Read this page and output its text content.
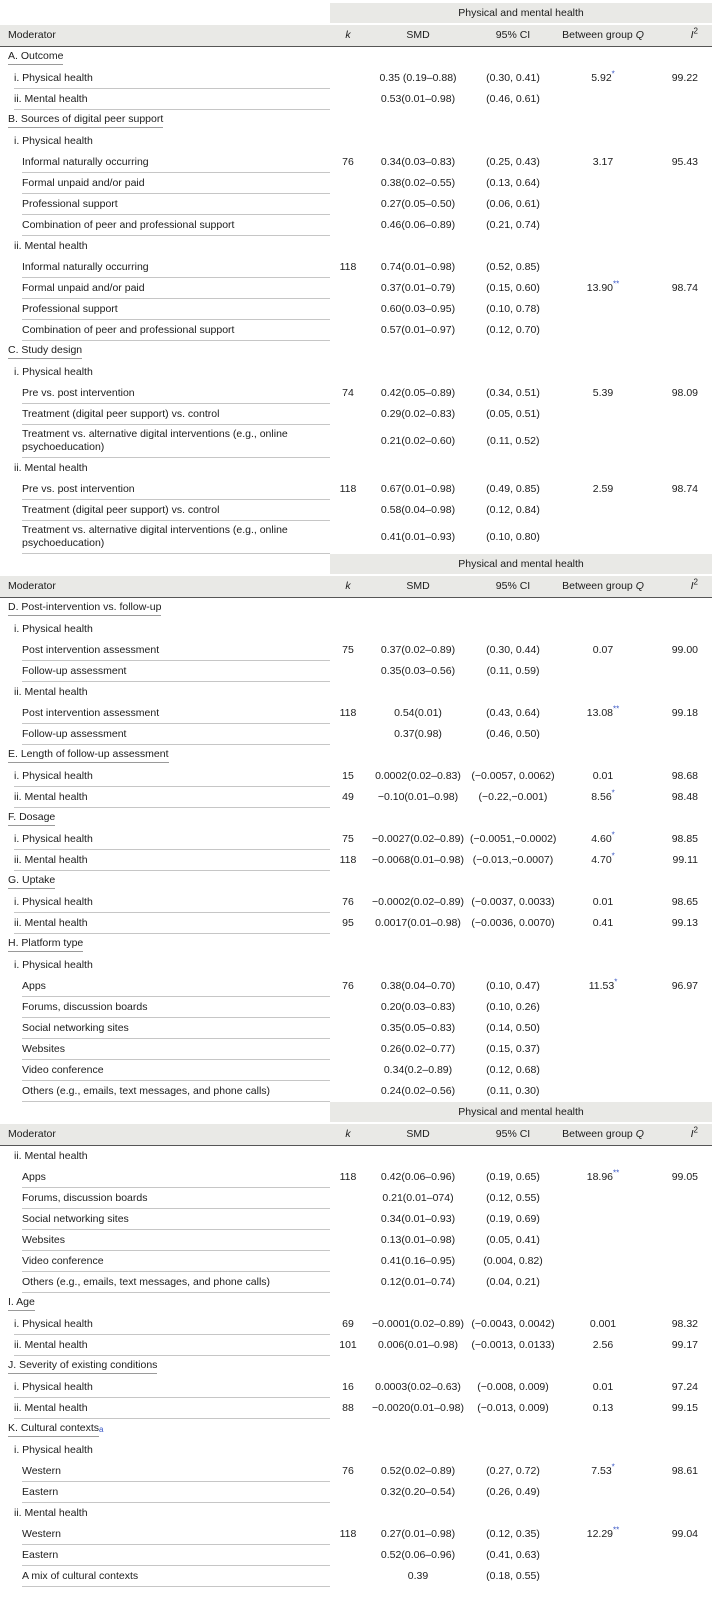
Physical and mental health
Moderator	k	SMD	95% CI	Between group Q	$I^2$
A. Outcome
i. Physical health	0.35 (0.19–0.88)	(0.30, 0.41)	5.92*	99.22
ii. Mental health	0.53(0.01–0.98)	(0.46, 0.61)
B. Sources of digital peer support
i. Physical health
Informal naturally occurring	76	0.34(0.03–0.83)	(0.25, 0.43)	3.17	95.43
Formal unpaid and/or paid	0.38(0.02–0.55)	(0.13, 0.64)
Professional support	0.27(0.05–0.50)	(0.06, 0.61)
Combination of peer and professional support	0.46(0.06–0.89)	(0.21, 0.74)
ii. Mental health
Informal naturally occurring	118	0.74(0.01–0.98)	(0.52, 0.85)
Formal unpaid and/or paid	0.37(0.01–0.79)	(0.15, 0.60)	13.90**	98.74
Professional support	0.60(0.03–0.95)	(0.10, 0.78)
Combination of peer and professional support	0.57(0.01–0.97)	(0.12, 0.70)
C. Study design
i. Physical health
Pre vs. post intervention	74	0.42(0.05–0.89)	(0.34, 0.51)	5.39	98.09
Treatment (digital peer support) vs. control	0.29(0.02–0.83)	(0.05, 0.51)
Treatment vs. alternative digital interventions (e.g., online psychoeducation)	0.21(0.02–0.60)	(0.11, 0.52)
ii. Mental health
Pre vs. post intervention	118	0.67(0.01–0.98)	(0.49, 0.85)	2.59	98.74
Treatment (digital peer support) vs. control	0.58(0.04–0.98)	(0.12, 0.84)
Treatment vs. alternative digital interventions (e.g., online psychoeducation)	0.41(0.01–0.93)	(0.10, 0.80)
Physical and mental health
Moderator	k	SMD	95% CI	Between group Q	$I^2$
D. Post-intervention vs. follow-up
i. Physical health
Post intervention assessment	75	0.37(0.02–0.89)	(0.30, 0.44)	0.07	99.00
Follow-up assessment	0.35(0.03–0.56)	(0.11, 0.59)
ii. Mental health
Post intervention assessment	118	0.54(0.01)	(0.43, 0.64)	13.08**	99.18
Follow-up assessment	0.37(0.98)	(0.46, 0.50)
E. Length of follow-up assessment
i. Physical health	15	0.0002(0.02–0.83) (−0.0057, 0.0062)	0.01	98.68
ii. Mental health	49	−0.10(0.01–0.98)	(−0.22,−0.001)	8.56*	98.48
F. Dosage
i. Physical health	75	−0.0027(0.02–0.89) (−0.0051,−0.0002)	4.60*	98.85
ii. Mental health	118	−0.0068(0.01–0.98) (−0.013,−0.0007)	4.70*	99.11
G. Uptake
i. Physical health	76	−0.0002(0.02–0.89) (−0.0037, 0.0033)	0.01	98.65
ii. Mental health	95	0.0017(0.01–0.98) (−0.0036, 0.0070)	0.41	99.13
H. Platform type
i. Physical health
Apps	76	0.38(0.04–0.70)	(0.10, 0.47)	11.53*	96.97
Forums, discussion boards	0.20(0.03–0.83)	(0.10, 0.26)
Social networking sites	0.35(0.05–0.83)	(0.14, 0.50)
Websites	0.26(0.02–0.77)	(0.15, 0.37)
Video conference	0.34(0.2–0.89)	(0.12, 0.68)
Others (e.g., emails, text messages, and phone calls)	0.24(0.02–0.56)	(0.11, 0.30)
Physical and mental health
Moderator	k	SMD	95% CI	Between group Q	$I^2$
ii. Mental health
Apps	118	0.42(0.06–0.96)	(0.19, 0.65)	18.96**	99.05
Forums, discussion boards	0.21(0.01–074)	(0.12, 0.55)
Social networking sites	0.34(0.01–0.93)	(0.19, 0.69)
Websites	0.13(0.01–0.98)	(0.05, 0.41)
Video conference	0.41(0.16–0.95)	(0.004, 0.82)
Others (e.g., emails, text messages, and phone calls)	0.12(0.01–0.74)	(0.04, 0.21)
I. Age
i. Physical health	69	−0.0001(0.02–0.89) (−0.0043, 0.0042)	0.001	98.32
ii. Mental health	101	0.006(0.01–0.98)	(−0.0013, 0.0133)	2.56	99.17
J. Severity of existing conditions
i. Physical health	16	0.0003(0.02–0.63)	(−0.008, 0.009)	0.01	97.24
ii. Mental health	88	−0.0020(0.01–0.98)	(−0.013, 0.009)	0.13	99.15
K. Cultural contexts a
i. Physical health
Western	76	0.52(0.02–0.89)	(0.27, 0.72)	7.53*	98.61
Eastern	0.32(0.20–0.54)	(0.26, 0.49)
ii. Mental health
Western	118	0.27(0.01–0.98)	(0.12, 0.35)	12.29**	99.04
Eastern	0.52(0.06–0.96)	(0.41, 0.63)
A mix of cultural contexts	0.39	(0.18, 0.55)
